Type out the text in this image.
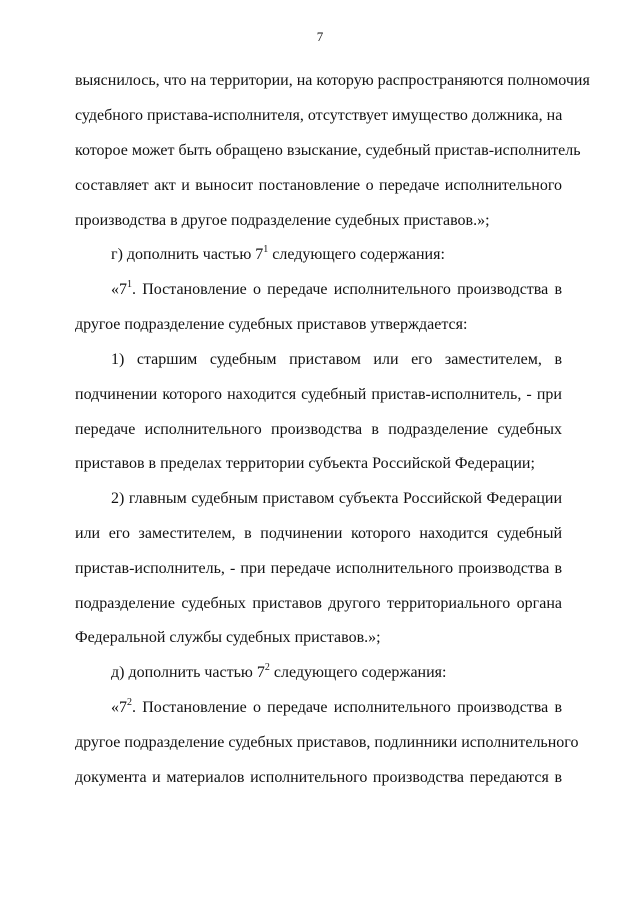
7
выяснилось, что на территории, на которую распространяются полномочия
судебного пристава-исполнителя, отсутствует имущество должника, на
которое может быть обращено взыскание, судебный пристав-исполнитель
составляет акт и выносит постановление о передаче исполнительного
производства в другое подразделение судебных приставов.»;
г) дополнить частью $7^1$ следующего содержания:
«$7^1$. Постановление о передаче исполнительного производства в
другое подразделение судебных приставов утверждается:
1) старшим судебным приставом или его заместителем, в
подчинении которого находится судебный пристав-исполнитель, - при
передаче исполнительного производства в подразделение судебных
приставов в пределах территории субъекта Российской Федерации;
2) главным судебным приставом субъекта Российской Федерации
или его заместителем, в подчинении которого находится судебный
пристав-исполнитель, - при передаче исполнительного производства в
подразделение судебных приставов другого территориального органа
Федеральной службы судебных приставов.»;
д) дополнить частью $7^2$ следующего содержания:
«$7^2$. Постановление о передаче исполнительного производства в
другое подразделение судебных приставов, подлинники исполнительного
документа и материалов исполнительного производства передаются в
